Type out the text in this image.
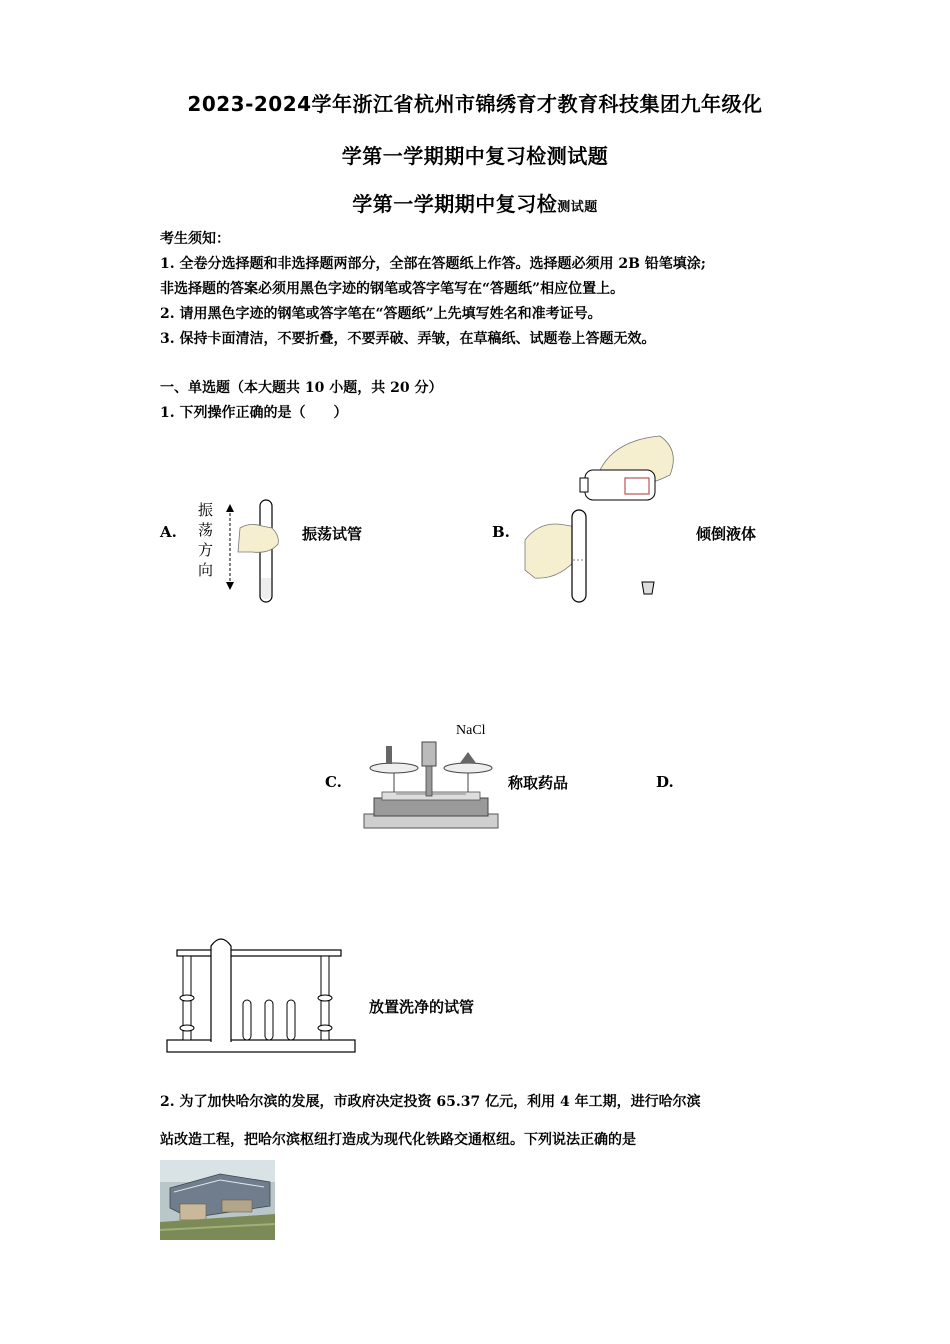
2023-2024学年浙江省杭州市锦绣育才教育科技集团九年级化
学第一学期期中复习检测试题
学第一学期期中复习检测试题
考生须知：
1. 全卷分选择题和非选择题两部分，全部在答题纸上作答。选择题必须用 2B 铅笔填涂;
非选择题的答案必须用黑色字迹的钢笔或答字笔写在“答题纸”相应位置上。
2. 请用黑色字迹的钢笔或答字笔在“答题纸”上先填写姓名和准考证号。
3. 保持卡面清洁，不要折叠，不要弄破、弄皱，在草稿纸、试题卷上答题无效。
一、单选题（本大题共 10 小题，共 20 分）
1. 下列操作正确的是（　　）
A.
振
荡
方
向
振荡试管	B.	倾倒液体
C.
NaCl
称取药品	D.
放置洗净的试管
2. 为了加快哈尔滨的发展，市政府决定投资 65.37 亿元，利用 4 年工期，进行哈尔滨
站改造工程，把哈尔滨枢纽打造成为现代化铁路交通枢纽。下列说法正确的是
